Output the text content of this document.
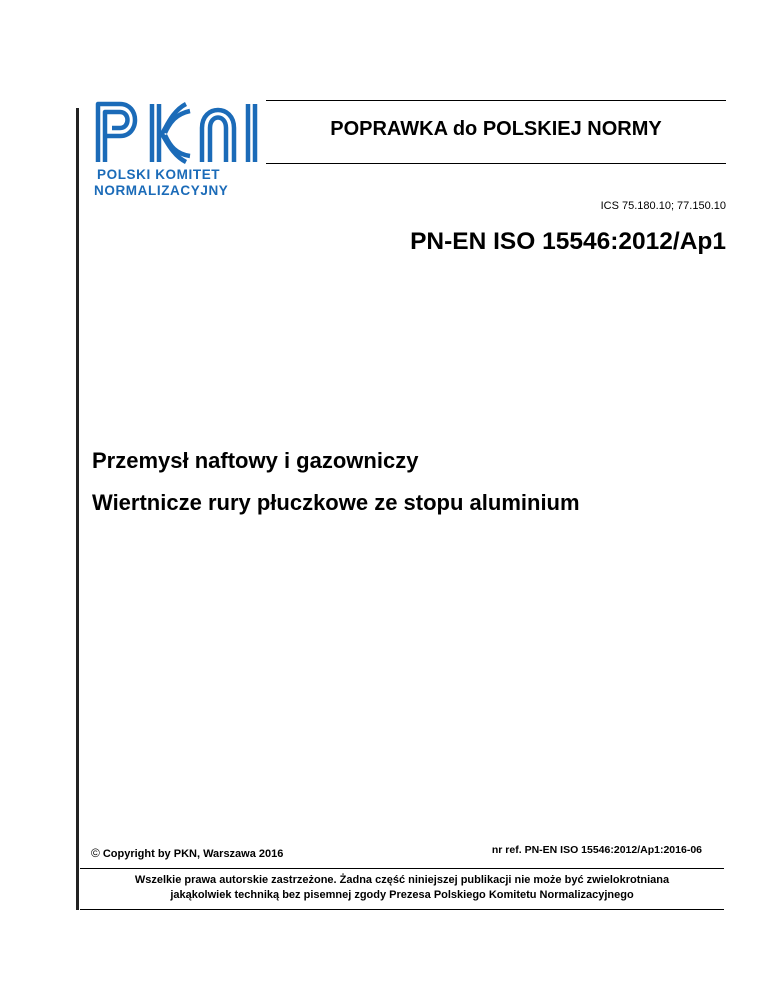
POLSKI KOMITET
NORMALIZACYJNY
POPRAWKA do POLSKIEJ NORMY
ICS 75.180.10; 77.150.10
PN-EN ISO 15546:2012/Ap1
Przemysł naftowy i gazowniczy
Wiertnicze rury płuczkowe ze stopu aluminium
© Copyright by PKN, Warszawa 2016	nr ref. PN-EN ISO 15546:2012/Ap1:2016-06
Wszelkie prawa autorskie zastrzeżone. Żadna część niniejszej publikacji nie może być zwielokrotniana
jakąkolwiek techniką bez pisemnej zgody Prezesa Polskiego Komitetu Normalizacyjnego
